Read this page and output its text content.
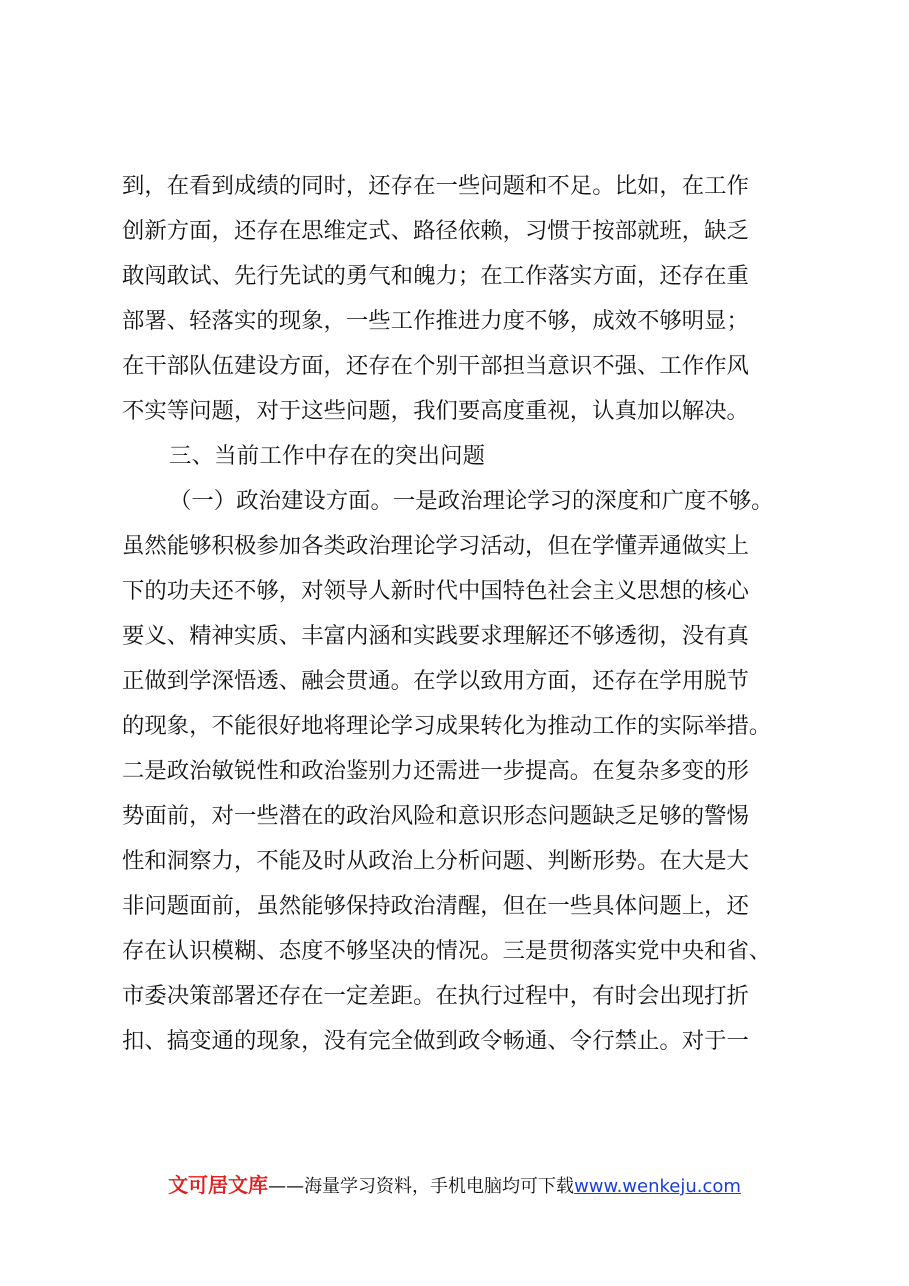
到，在看到成绩的同时，还存在一些问题和不足。比如，在工作
创新方面，还存在思维定式、路径依赖，习惯于按部就班，缺乏
敢闯敢试、先行先试的勇气和魄力；在工作落实方面，还存在重
部署、轻落实的现象，一些工作推进力度不够，成效不够明显；
在干部队伍建设方面，还存在个别干部担当意识不强、工作作风
不实等问题，对于这些问题，我们要高度重视，认真加以解决。
三、当前工作中存在的突出问题
（一）政治建设方面。一是政治理论学习的深度和广度不够。
虽然能够积极参加各类政治理论学习活动，但在学懂弄通做实上
下的功夫还不够，对领导人新时代中国特色社会主义思想的核心
要义、精神实质、丰富内涵和实践要求理解还不够透彻，没有真
正做到学深悟透、融会贯通。在学以致用方面，还存在学用脱节
的现象，不能很好地将理论学习成果转化为推动工作的实际举措。
二是政治敏锐性和政治鉴别力还需进一步提高。在复杂多变的形
势面前，对一些潜在的政治风险和意识形态问题缺乏足够的警惕
性和洞察力，不能及时从政治上分析问题、判断形势。在大是大
非问题面前，虽然能够保持政治清醒，但在一些具体问题上，还
存在认识模糊、态度不够坚决的情况。三是贯彻落实党中央和省、
市委决策部署还存在一定差距。在执行过程中，有时会出现打折
扣、搞变通的现象，没有完全做到政令畅通、令行禁止。对于一
文可居文库——海量学习资料，手机电脑均可下载www.wenkeju.com
